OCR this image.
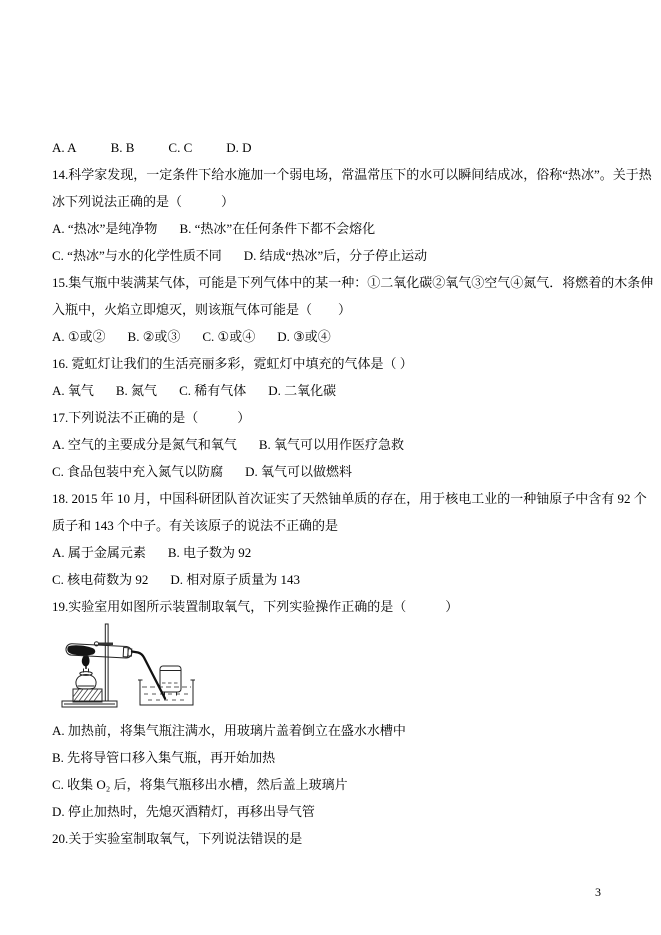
A. A	B. B	C. C	D. D
14.科学家发现，一定条件下给水施加一个弱电场，常温常压下的水可以瞬间结成冰，俗称“热冰”。关于热
冰下列说法正确的是（　　　）
A. “热冰”是纯净物 B. “热冰”在任何条件下都不会熔化
C. “热冰”与水的化学性质不同 D. 结成“热冰”后，分子停止运动
15.集气瓶中装满某气体，可能是下列气体中的某一种：①二氧化碳②氧气③空气④氮气．将燃着的木条伸
入瓶中，火焰立即熄灭，则该瓶气体可能是（　　）
A. ①或② B. ②或③ C. ①或④ D. ③或④
16. 霓虹灯让我们的生活亮丽多彩，霓虹灯中填充的气体是（ ）
A. 氧气 B. 氮气 C. 稀有气体 D. 二氧化碳
17.下列说法不正确的是（　　　）
A. 空气的主要成分是氮气和氧气 B. 氧气可以用作医疗急救
C. 食品包装中充入氮气以防腐 D. 氧气可以做燃料
18. 2015 年 10 月，中国科研团队首次证实了天然铀单质的存在，用于核电工业的一种铀原子中含有 92 个
质子和 143 个中子。有关该原子的说法不正确的是
A. 属于金属元素 B. 电子数为 92
C. 核电荷数为 92 D. 相对原子质量为 143
19.实验室用如图所示装置制取氧气，下列实验操作正确的是（　　　）
A. 加热前，将集气瓶注满水，用玻璃片盖着倒立在盛水水槽中
B. 先将导管口移入集气瓶，再开始加热
C. 收集 O₂ 后，将集气瓶移出水槽，然后盖上玻璃片
D. 停止加热时，先熄灭酒精灯，再移出导气管
20.关于实验室制取氧气，下列说法错误的是
3
